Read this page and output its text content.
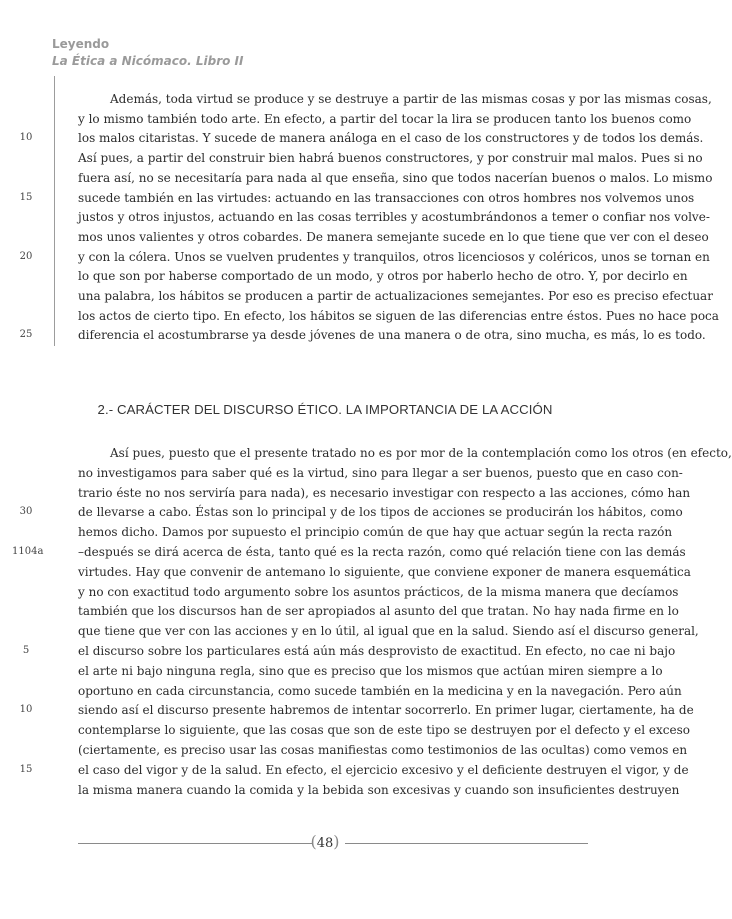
Leyendo
La Ética a Nicómaco. Libro II
Además, toda virtud se produce y se destruye a partir de las mismas cosas y por las mismas cosas,
y lo mismo también todo arte. En efecto, a partir del tocar la lira se producen tanto los buenos como
los malos citaristas. Y sucede de manera análoga en el caso de los constructores y de todos los demás.
10
Así pues, a partir del construir bien habrá buenos constructores, y por construir mal malos. Pues si no
fuera así, no se necesitaría para nada al que enseña, sino que todos nacerían buenos o malos. Lo mismo
sucede también en las virtudes: actuando en las transacciones con otros hombres nos volvemos unos
15
justos y otros injustos, actuando en las cosas terribles y acostumbrándonos a temer o confiar nos volve-
mos unos valientes y otros cobardes. De manera semejante sucede en lo que tiene que ver con el deseo
y con la cólera. Unos se vuelven prudentes y tranquilos, otros licenciosos y coléricos, unos se tornan en
20
lo que son por haberse comportado de un modo, y otros por haberlo hecho de otro. Y, por decirlo en
una palabra, los hábitos se producen a partir de actualizaciones semejantes. Por eso es preciso efectuar
los actos de cierto tipo. En efecto, los hábitos se siguen de las diferencias entre éstos. Pues no hace poca
diferencia el acostumbrarse ya desde jóvenes de una manera o de otra, sino mucha, es más, lo es todo.
25
2.- CARÁCTER DEL DISCURSO ÉTICO. LA IMPORTANCIA DE LA ACCIÓN
Así pues, puesto que el presente tratado no es por mor de la contemplación como los otros (en efecto,
no investigamos para saber qué es la virtud, sino para llegar a ser buenos, puesto que en caso con-
trario éste no nos serviría para nada), es necesario investigar con respecto a las acciones, cómo han
de llevarse a cabo. Éstas son lo principal y de los tipos de acciones se producirán los hábitos, como
30
hemos dicho. Damos por supuesto el principio común de que hay que actuar según la recta razón
–después se dirá acerca de ésta, tanto qué es la recta razón, como qué relación tiene con las demás
1104a
virtudes. Hay que convenir de antemano lo siguiente, que conviene exponer de manera esquemática
y no con exactitud todo argumento sobre los asuntos prácticos, de la misma manera que decíamos
también que los discursos han de ser apropiados al asunto del que tratan. No hay nada firme en lo
que tiene que ver con las acciones y en lo útil, al igual que en la salud. Siendo así el discurso general,
el discurso sobre los particulares está aún más desprovisto de exactitud. En efecto, no cae ni bajo
5
el arte ni bajo ninguna regla, sino que es preciso que los mismos que actúan miren siempre a lo
oportuno en cada circunstancia, como sucede también en la medicina y en la navegación. Pero aún
siendo así el discurso presente habremos de intentar socorrerlo. En primer lugar, ciertamente, ha de
10
contemplarse lo siguiente, que las cosas que son de este tipo se destruyen por el defecto y el exceso
(ciertamente, es preciso usar las cosas manifiestas como testimonios de las ocultas) como vemos en
el caso del vigor y de la salud. En efecto, el ejercicio excesivo y el deficiente destruyen el vigor, y de
15
la misma manera cuando la comida y la bebida son excesivas y cuando son insuficientes destruyen
(48)
